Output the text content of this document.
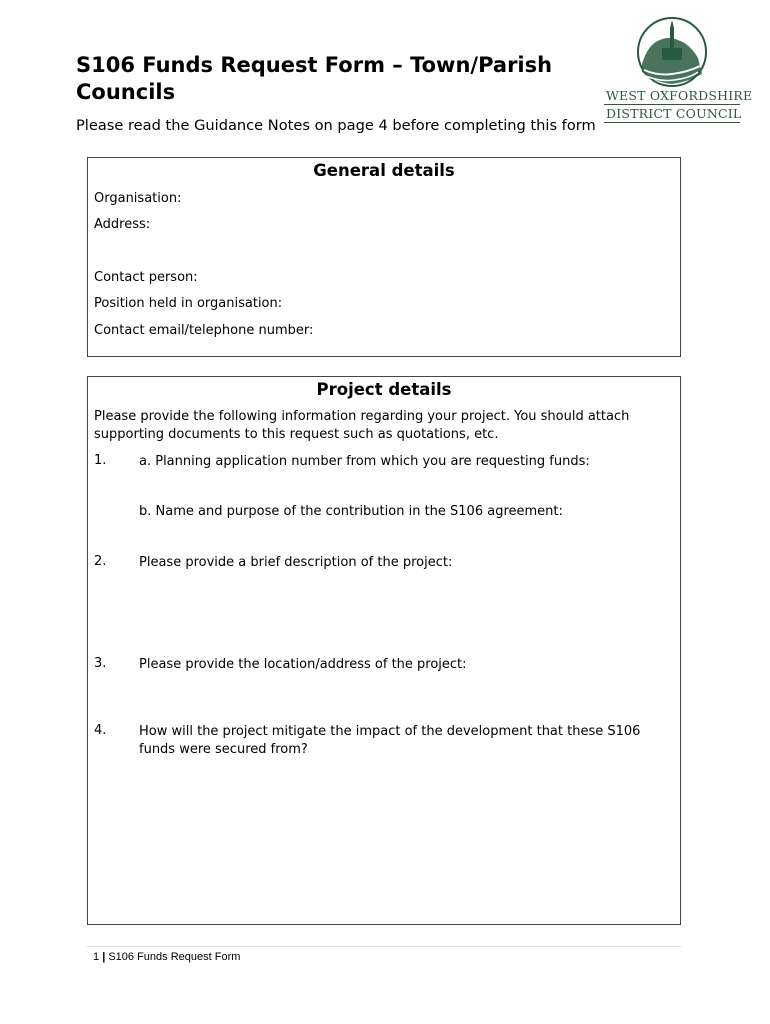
S106 Funds Request Form – Town/Parish Councils

Please read the Guidance Notes on page 4 before completing this form

WEST OXFORDSHIRE
DISTRICT COUNCIL
General details
Organisation:
Address:
Contact person:
Position held in organisation:
Contact email/telephone number:
Project details
Please provide the following information regarding your project. You should attach supporting documents to this request such as quotations, etc.
1.	a. Planning application number from which you are requesting funds:
b. Name and purpose of the contribution in the S106 agreement:
2.	Please provide a brief description of the project:
3.	Please provide the location/address of the project:
4.	How will the project mitigate the impact of the development that these S106 funds were secured from?
1 | S106 Funds Request Form
